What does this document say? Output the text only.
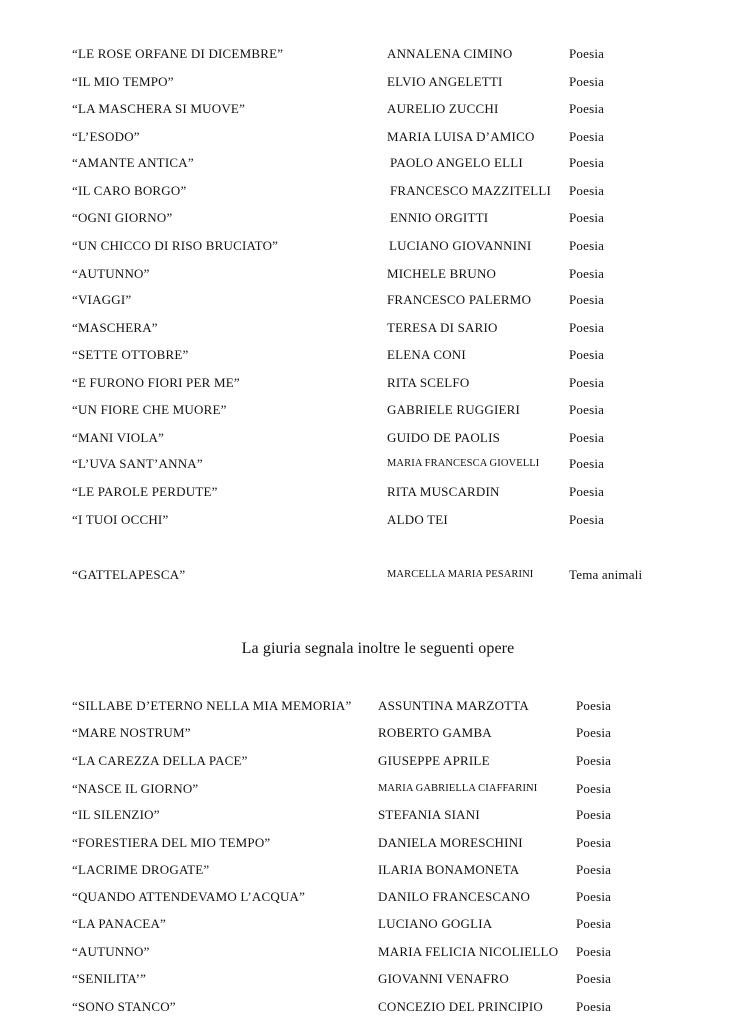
“LE ROSE ORFANE DI DICEMBRE”	ANNALENA CIMINO	Poesia
“IL MIO TEMPO”	ELVIO ANGELETTI	Poesia
“LA MASCHERA SI MUOVE”	AURELIO ZUCCHI	Poesia
“L’ESODO”	MARIA LUISA D’AMICO	Poesia
“AMANTE ANTICA”	PAOLO ANGELO ELLI	Poesia
“IL CARO BORGO”	FRANCESCO MAZZITELLI Poesia
“OGNI GIORNO”	ENNIO ORGITTI	Poesia
“UN CHICCO DI RISO BRUCIATO”	LUCIANO GIOVANNINI	Poesia
“AUTUNNO”	MICHELE BRUNO	Poesia
“VIAGGI”	FRANCESCO PALERMO	Poesia
“MASCHERA”	TERESA DI SARIO	Poesia
“SETTE OTTOBRE”	ELENA CONI	Poesia
“E FURONO FIORI PER ME”	RITA SCELFO	Poesia
“UN FIORE CHE MUORE”	GABRIELE RUGGIERI	Poesia
“MANI VIOLA”	GUIDO DE PAOLIS	Poesia
“L’UVA SANT’ANNA”	MARIA FRANCESCA GIOVELLI Poesia
“LE PAROLE PERDUTE”	RITA MUSCARDIN	Poesia
“I TUOI OCCHI”	ALDO TEI	Poesia
“GATTELAPESCA”	MARCELLA MARIA PESARINI	Tema animali
La giuria segnala inoltre le seguenti opere
“SILLABE D’ETERNO NELLA MIA MEMORIA” ASSUNTINA MARZOTTA	Poesia
“MARE NOSTRUM”	ROBERTO GAMBA	Poesia
“LA CAREZZA DELLA PACE”	GIUSEPPE APRILE	Poesia
“NASCE IL GIORNO”	MARIA GABRIELLA CIAFFARINI	Poesia
“IL SILENZIO”	STEFANIA SIANI	Poesia
“FORESTIERA DEL MIO TEMPO”	DANIELA MORESCHINI	Poesia
“LACRIME DROGATE”	ILARIA BONAMONETA	Poesia
“QUANDO ATTENDEVAMO L’ACQUA”	DANILO FRANCESCANO	Poesia
“LA PANACEA”	LUCIANO GOGLIA	Poesia
“AUTUNNO”	MARIA FELICIA NICOLIELLO Poesia
“SENILITA’”	GIOVANNI VENAFRO	Poesia
“SONO STANCO”	CONCEZIO DEL PRINCIPIO	Poesia
